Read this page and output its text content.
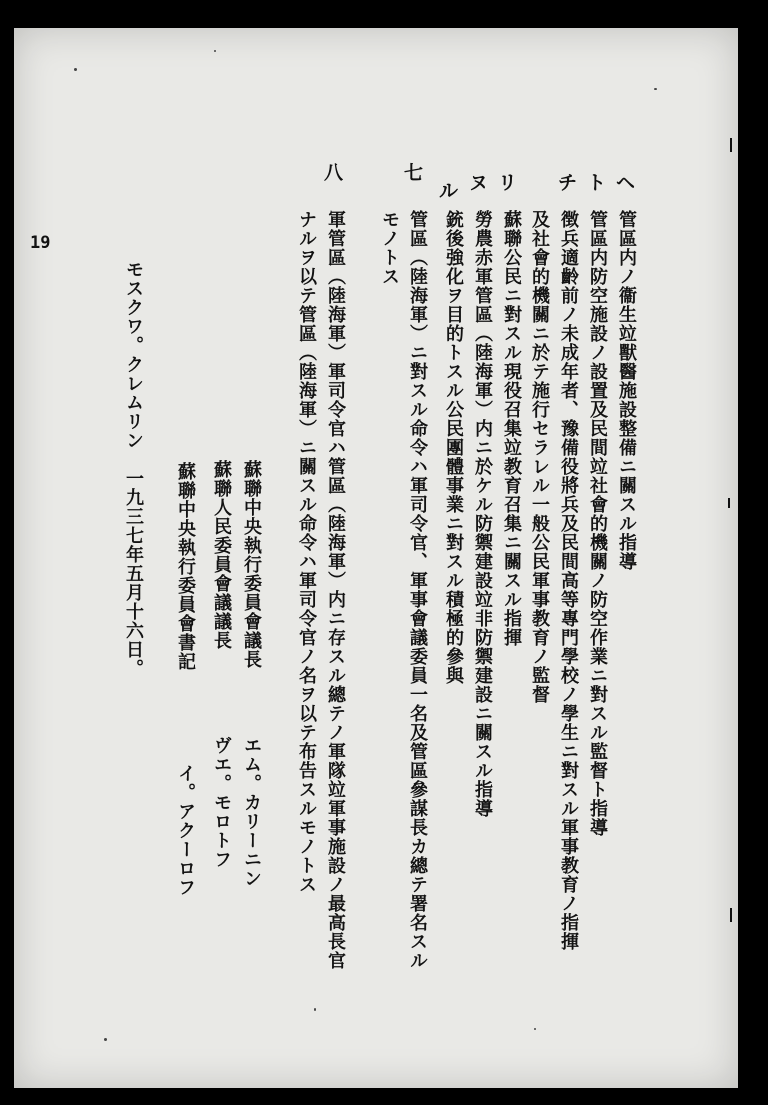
19
ヘ
管區内ノ衞生竝獸醫施設整備ニ關スル指導
ト
管區内防空施設ノ設置及民間竝社會的機關ノ防空作業ニ對スル監督ト指導
チ
徴兵適齡前ノ未成年者、豫備役將兵及民間高等專門學校ノ學生ニ對スル軍事教育ノ指揮
及社會的機關ニ於テ施行セラレル一般公民軍事教育ノ監督
リ
蘇聯公民ニ對スル現役召集竝教育召集ニ關スル指揮
ヌ
勞農赤軍管區（陸海軍）内ニ於ケル防禦建設竝非防禦建設ニ關スル指導
ル
銃後強化ヲ目的トスル公民團體事業ニ對スル積極的參與
七
管區（陸海軍）ニ對スル命令ハ軍司令官、軍事會議委員一名及管區參謀長カ總テ署名スル
モノトス
八
軍管區（陸海軍）軍司令官ハ管區（陸海軍）内ニ存スル總テノ軍隊竝軍事施設ノ最高長官
ナルヲ以テ管區（陸海軍）ニ關スル命令ハ軍司令官ノ名ヲ以テ布告スルモノトス
蘇聯中央執行委員會議長
エム。カリーニン
蘇聯人民委員會議議長
ヴエ。モロトフ
蘇聯中央執行委員會書記
イ。アクーロフ
モスクワ。クレムリン　一九三七年五月十六日。
